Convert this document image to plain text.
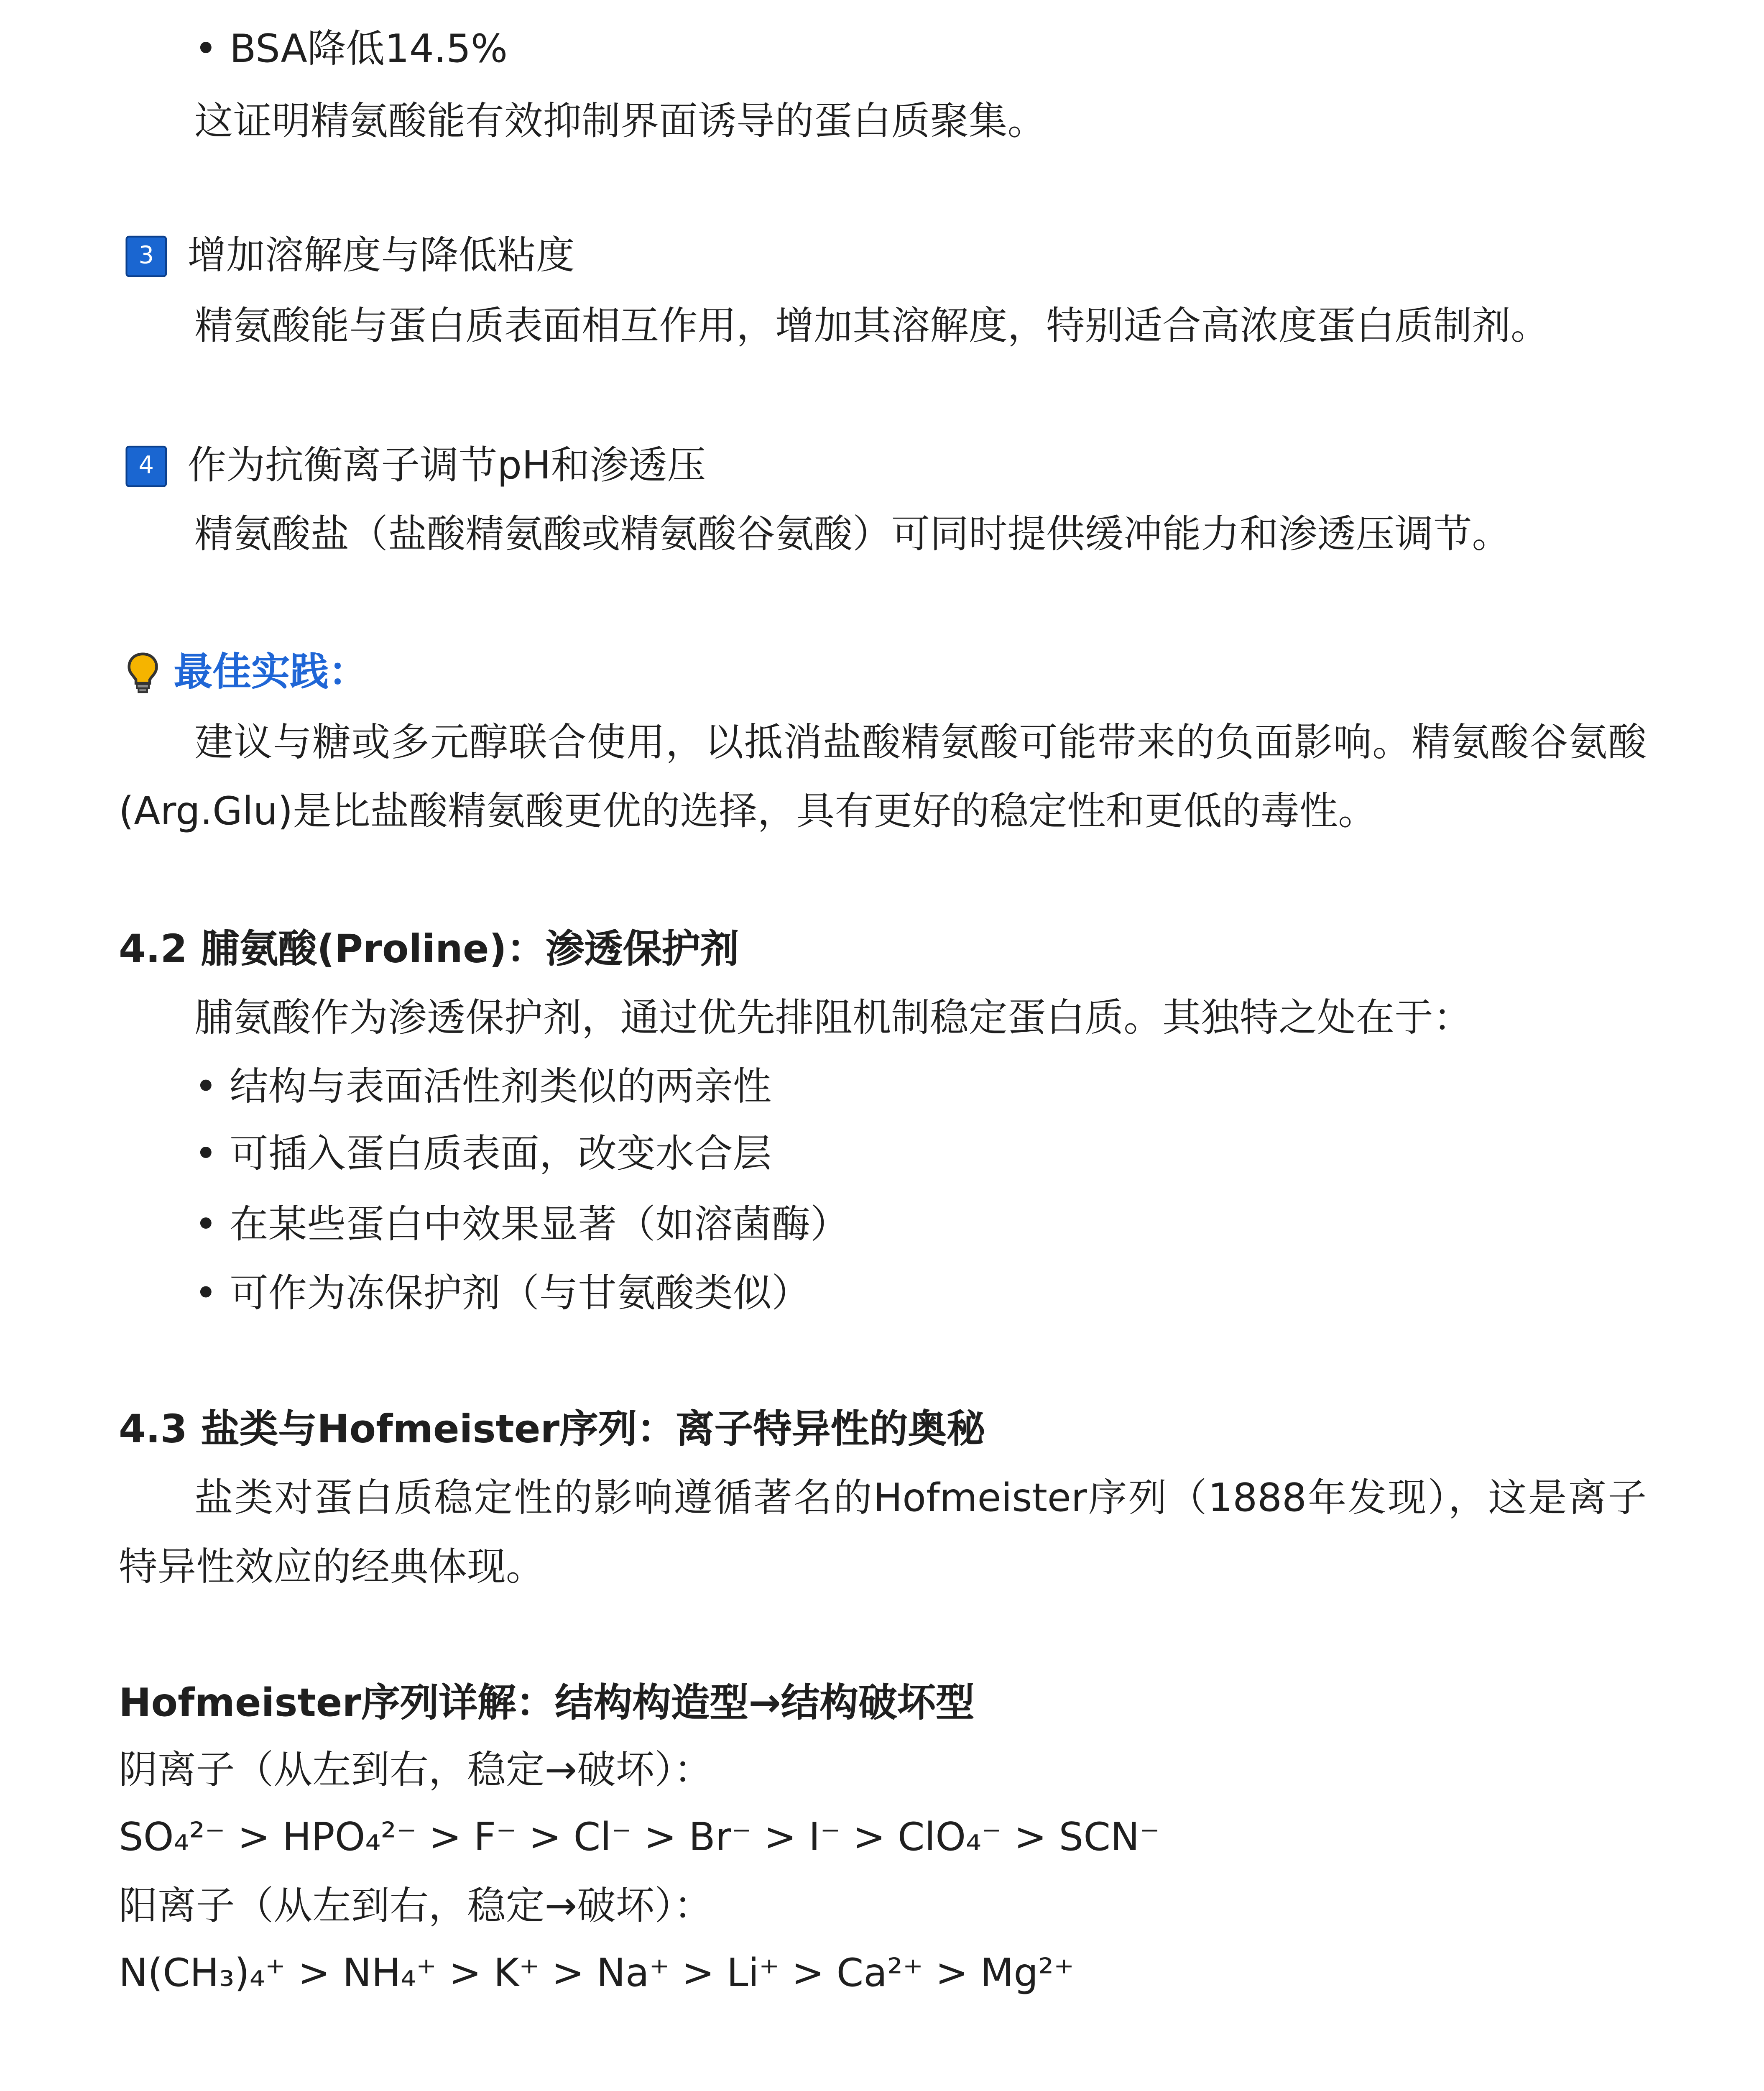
• BSA降低14.5%
这证明精氨酸能有效抑制界面诱导的蛋白质聚集。
3	增加溶解度与降低粘度
精氨酸能与蛋白质表面相互作用，增加其溶解度，特别适合高浓度蛋白质制剂。
4	作为抗衡离子调节pH和渗透压
精氨酸盐（盐酸精氨酸或精氨酸谷氨酸）可同时提供缓冲能力和渗透压调节。
最佳实践：
建议与糖或多元醇联合使用，以抵消盐酸精氨酸可能带来的负面影响。精氨酸谷氨酸(Arg.Glu)是比盐酸精氨酸更优的选择，具有更好的稳定性和更低的毒性。
4.2 脯氨酸(Proline)：渗透保护剂
脯氨酸作为渗透保护剂，通过优先排阻机制稳定蛋白质。其独特之处在于：
• 结构与表面活性剂类似的两亲性
• 可插入蛋白质表面，改变水合层
• 在某些蛋白中效果显著（如溶菌酶）
• 可作为冻保护剂（与甘氨酸类似）
4.3 盐类与Hofmeister序列：离子特异性的奥秘
盐类对蛋白质稳定性的影响遵循著名的Hofmeister序列（1888年发现），这是离子特异性效应的经典体现。
Hofmeister序列详解：结构构造型→结构破坏型
阴离子（从左到右，稳定→破坏）：
SO₄²⁻ > HPO₄²⁻ > F⁻ > Cl⁻ > Br⁻ > I⁻ > ClO₄⁻ > SCN⁻
阳离子（从左到右，稳定→破坏）：
N(CH₃)₄⁺ > NH₄⁺ > K⁺ > Na⁺ > Li⁺ > Ca²⁺ > Mg²⁺
